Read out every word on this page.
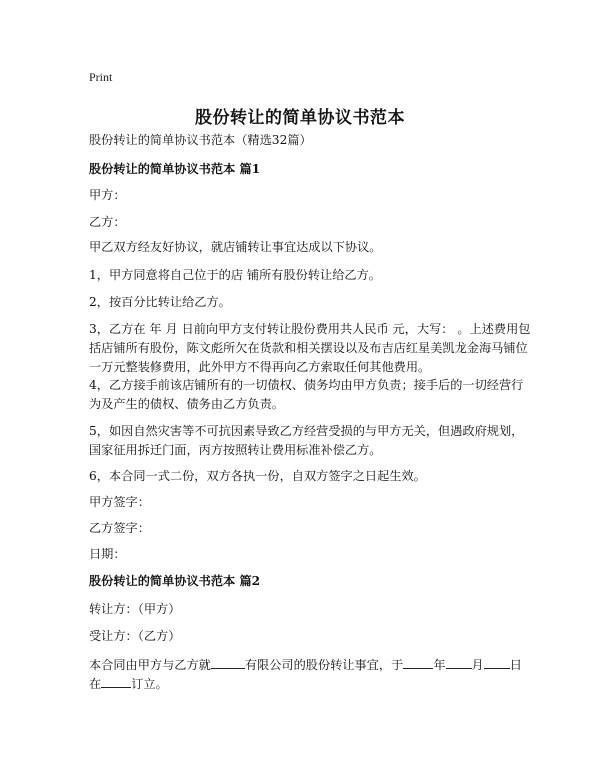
Print
股份转让的简单协议书范本
股份转让的简单协议书范本（精选32篇）
股份转让的简单协议书范本 篇1
甲方：
乙方：
甲乙双方经友好协议，就店铺转让事宜达成以下协议。
1，甲方同意将自己位于的店 铺所有股份转让给乙方。
2，按百分比转让给乙方。
3，乙方在 年 月 日前向甲方支付转让股份费用共人民币 元，大写： 。上述费用包
括店铺所有股份，陈文彪所欠在货款和相关摆设以及布吉店红星美凯龙金海马铺位
一万元整装修费用，此外甲方不得再向乙方索取任何其他费用。
4，乙方接手前该店铺所有的一切债权、债务均由甲方负责；接手后的一切经营行
为及产生的债权、债务由乙方负责。
5，如因自然灾害等不可抗因素导致乙方经营受损的与甲方无关，但遇政府规划，
国家征用拆迁门面，丙方按照转让费用标准补偿乙方。
6，本合同一式二份，双方各执一份，自双方签字之日起生效。
甲方签字：
乙方签字：
日期：
股份转让的简单协议书范本 篇2
转让方：（甲方）
受让方：（乙方）
本合同由甲方与乙方就	有限公司的股份转让事宜，于 年 月 日
在 订立。
